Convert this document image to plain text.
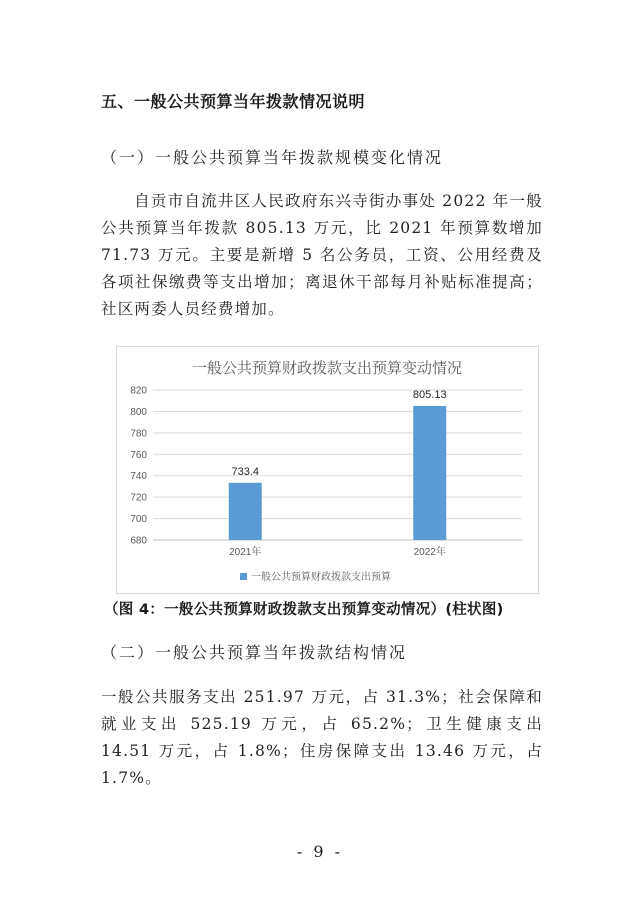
五、一般公共预算当年拨款情况说明
（一）一般公共预算当年拨款规模变化情况
自贡市自流井区人民政府东兴寺街办事处 2022 年一般公共预算当年拨款 805.13 万元，比 2021 年预算数增加 71.73 万元。主要是新增 5 名公务员，工资、公用经费及各项社保缴费等支出增加；离退休干部每月补贴标准提高；社区两委人员经费增加。
一般公共预算财政拨款支出预算变动情况
680
700
720
740
760
780
800
820
733.4
805.13
2021年	2022年
一般公共预算财政拨款支出预算
（图 4：一般公共预算财政拨款支出预算变动情况）(柱状图)
（二）一般公共预算当年拨款结构情况
一般公共服务支出 251.97 万元，占 31.3%；社会保障和就业支出 525.19 万元，占 65.2%；卫生健康支出 14.51 万元，占 1.8%；住房保障支出 13.46 万元，占 1.7%。
- 9 -
